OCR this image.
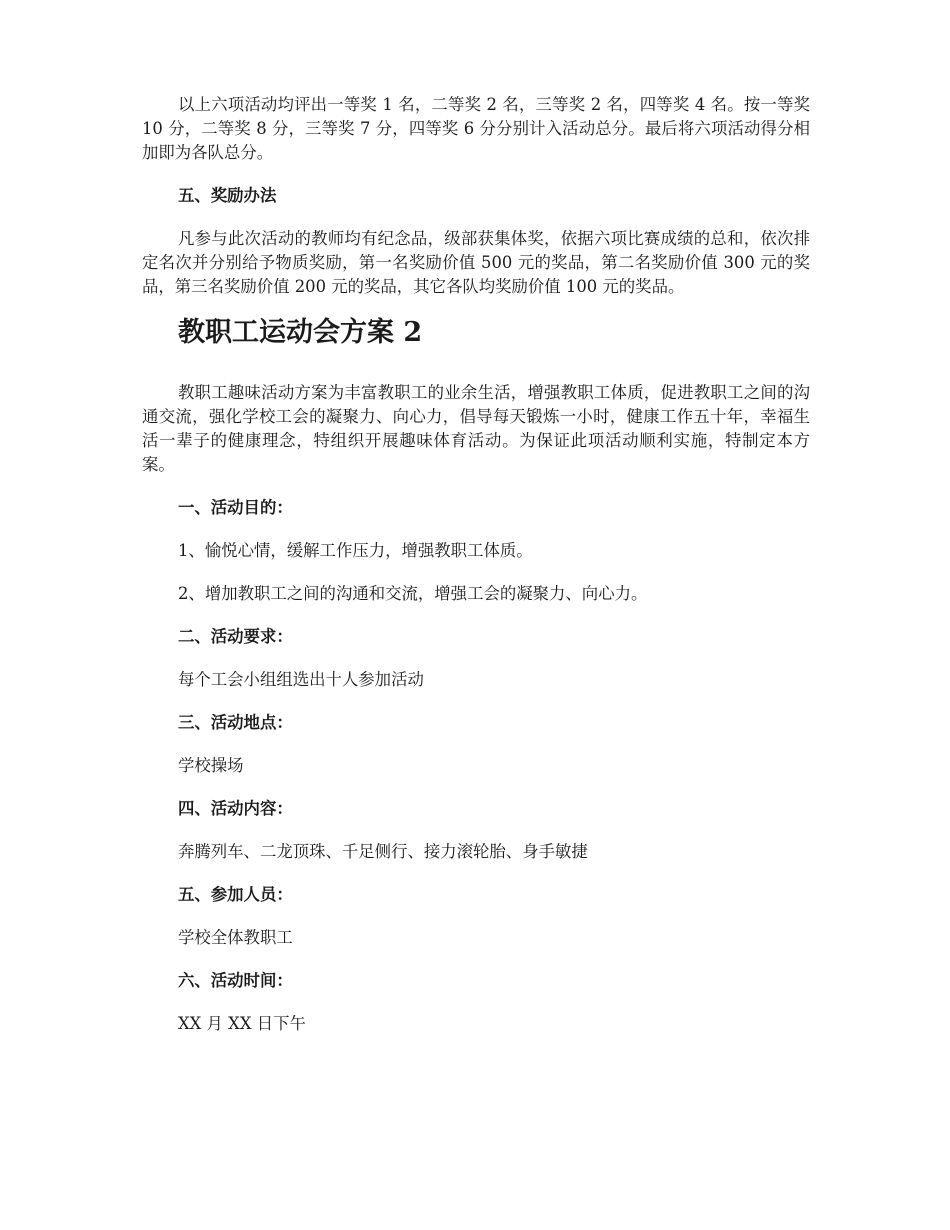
以上六项活动均评出一等奖 1 名，二等奖 2 名，三等奖 2 名，四等奖 4 名。按一等奖 10 分，二等奖 8 分，三等奖 7 分，四等奖 6 分分别计入活动总分。最后将六项活动得分相加即为各队总分。

五、奖励办法

凡参与此次活动的教师均有纪念品，级部获集体奖，依据六项比赛成绩的总和，依次排定名次并分别给予物质奖励，第一名奖励价值 500 元的奖品，第二名奖励价值 300 元的奖品，第三名奖励价值 200 元的奖品，其它各队均奖励价值 100 元的奖品。

教职工运动会方案 2

教职工趣味活动方案为丰富教职工的业余生活，增强教职工体质，促进教职工之间的沟通交流，强化学校工会的凝聚力、向心力，倡导每天锻炼一小时，健康工作五十年，幸福生活一辈子的健康理念，特组织开展趣味体育活动。为保证此项活动顺利实施，特制定本方案。

一、活动目的：

1、愉悦心情，缓解工作压力，增强教职工体质。

2、增加教职工之间的沟通和交流，增强工会的凝聚力、向心力。

二、活动要求：

每个工会小组组选出十人参加活动

三、活动地点：

学校操场

四、活动内容：

奔腾列车、二龙顶珠、千足侧行、接力滚轮胎、身手敏捷

五、参加人员：

学校全体教职工

六、活动时间：

XX 月 XX 日下午
